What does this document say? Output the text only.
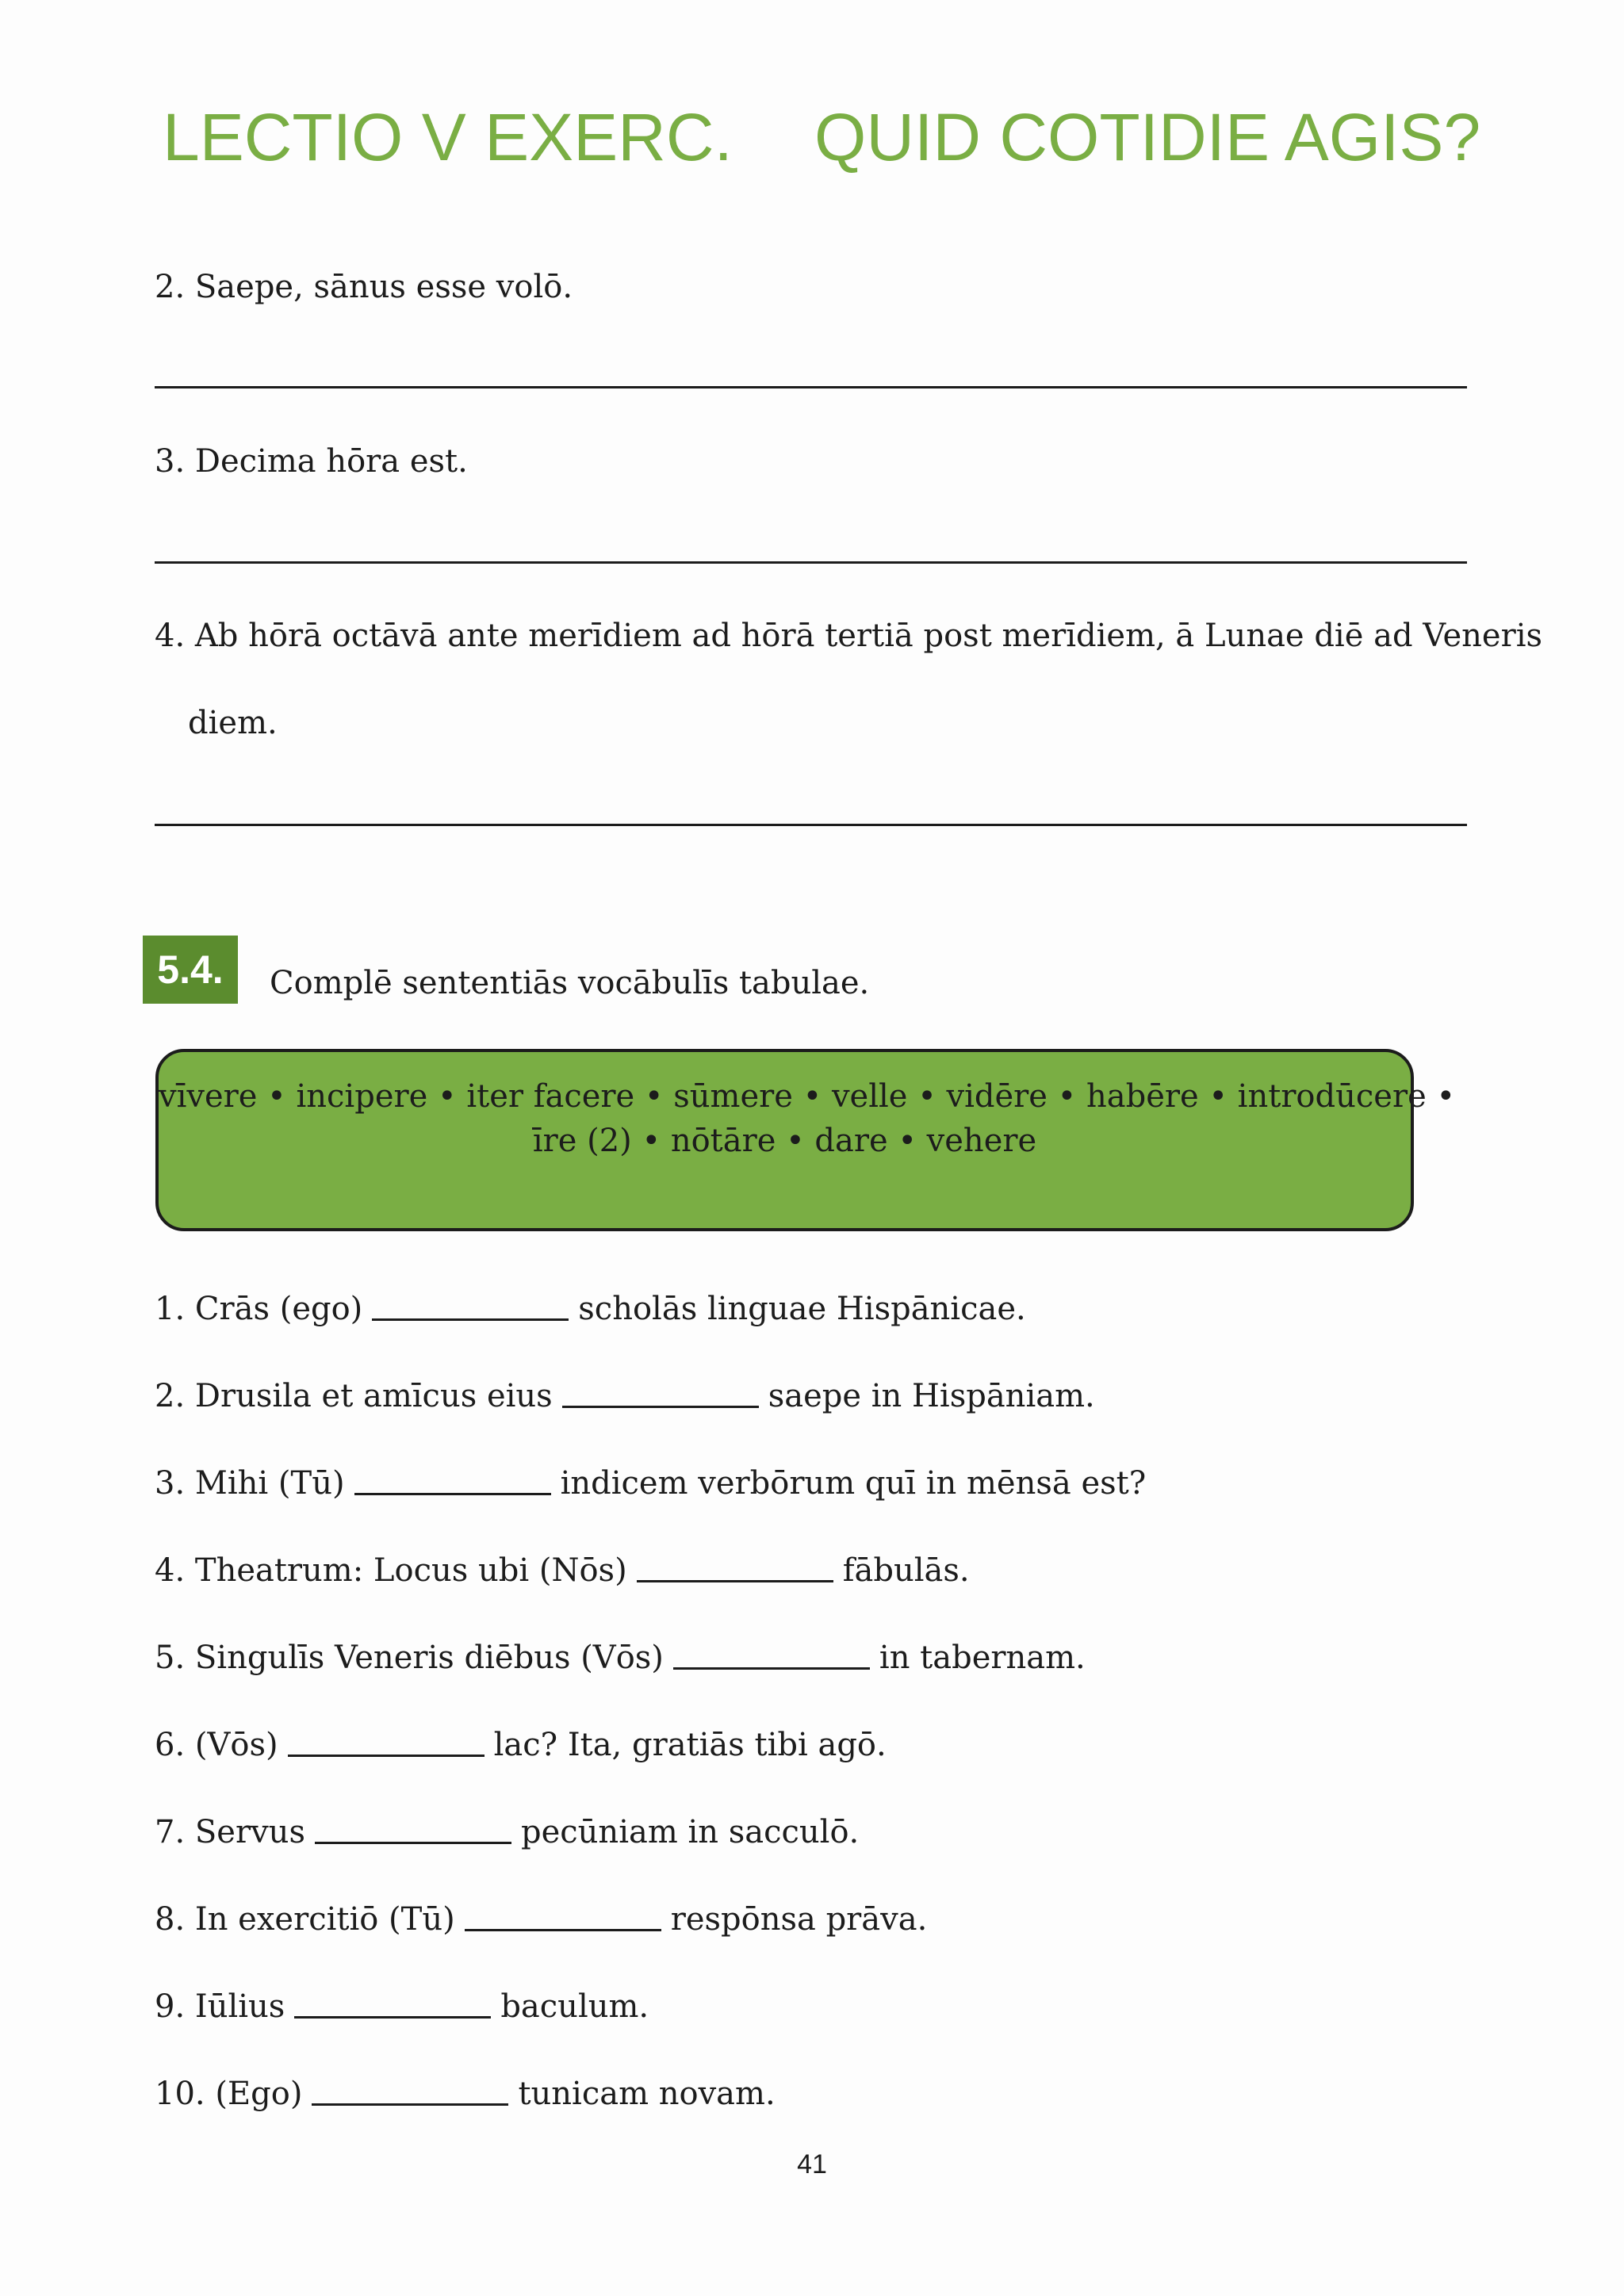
LECTIO V EXERC. QUID COTIDIE AGIS?
2. Saepe, sānus esse volō.
3. Decima hōra est.
4. Ab hōrā octāvā ante merīdiem ad hōrā tertiā post merīdiem, ā Lunae diē ad Veneris
diem.
5.4.	Complē sententiās vocābulīs tabulae.
vīvere • incipere • iter facere • sūmere • velle • vidēre • habēre • introdūcere •
īre (2) • nōtāre • dare • vehere
1. Crās (ego)	scholās linguae Hispānicae.
2. Drusila et amīcus eius	saepe in Hispāniam.
3. Mihi (Tū)	indicem verbōrum quī in mēnsā est?
4. Theatrum: Locus ubi (Nōs)	fābulās.
5. Singulīs Veneris diēbus (Vōs)	in tabernam.
6. (Vōs)	lac? Ita, gratiās tibi agō.
7. Servus	pecūniam in sacculō.
8. In exercitiō (Tū)	respōnsa prāva.
9. Iūlius	baculum.
10. (Ego)	tunicam novam.
41
